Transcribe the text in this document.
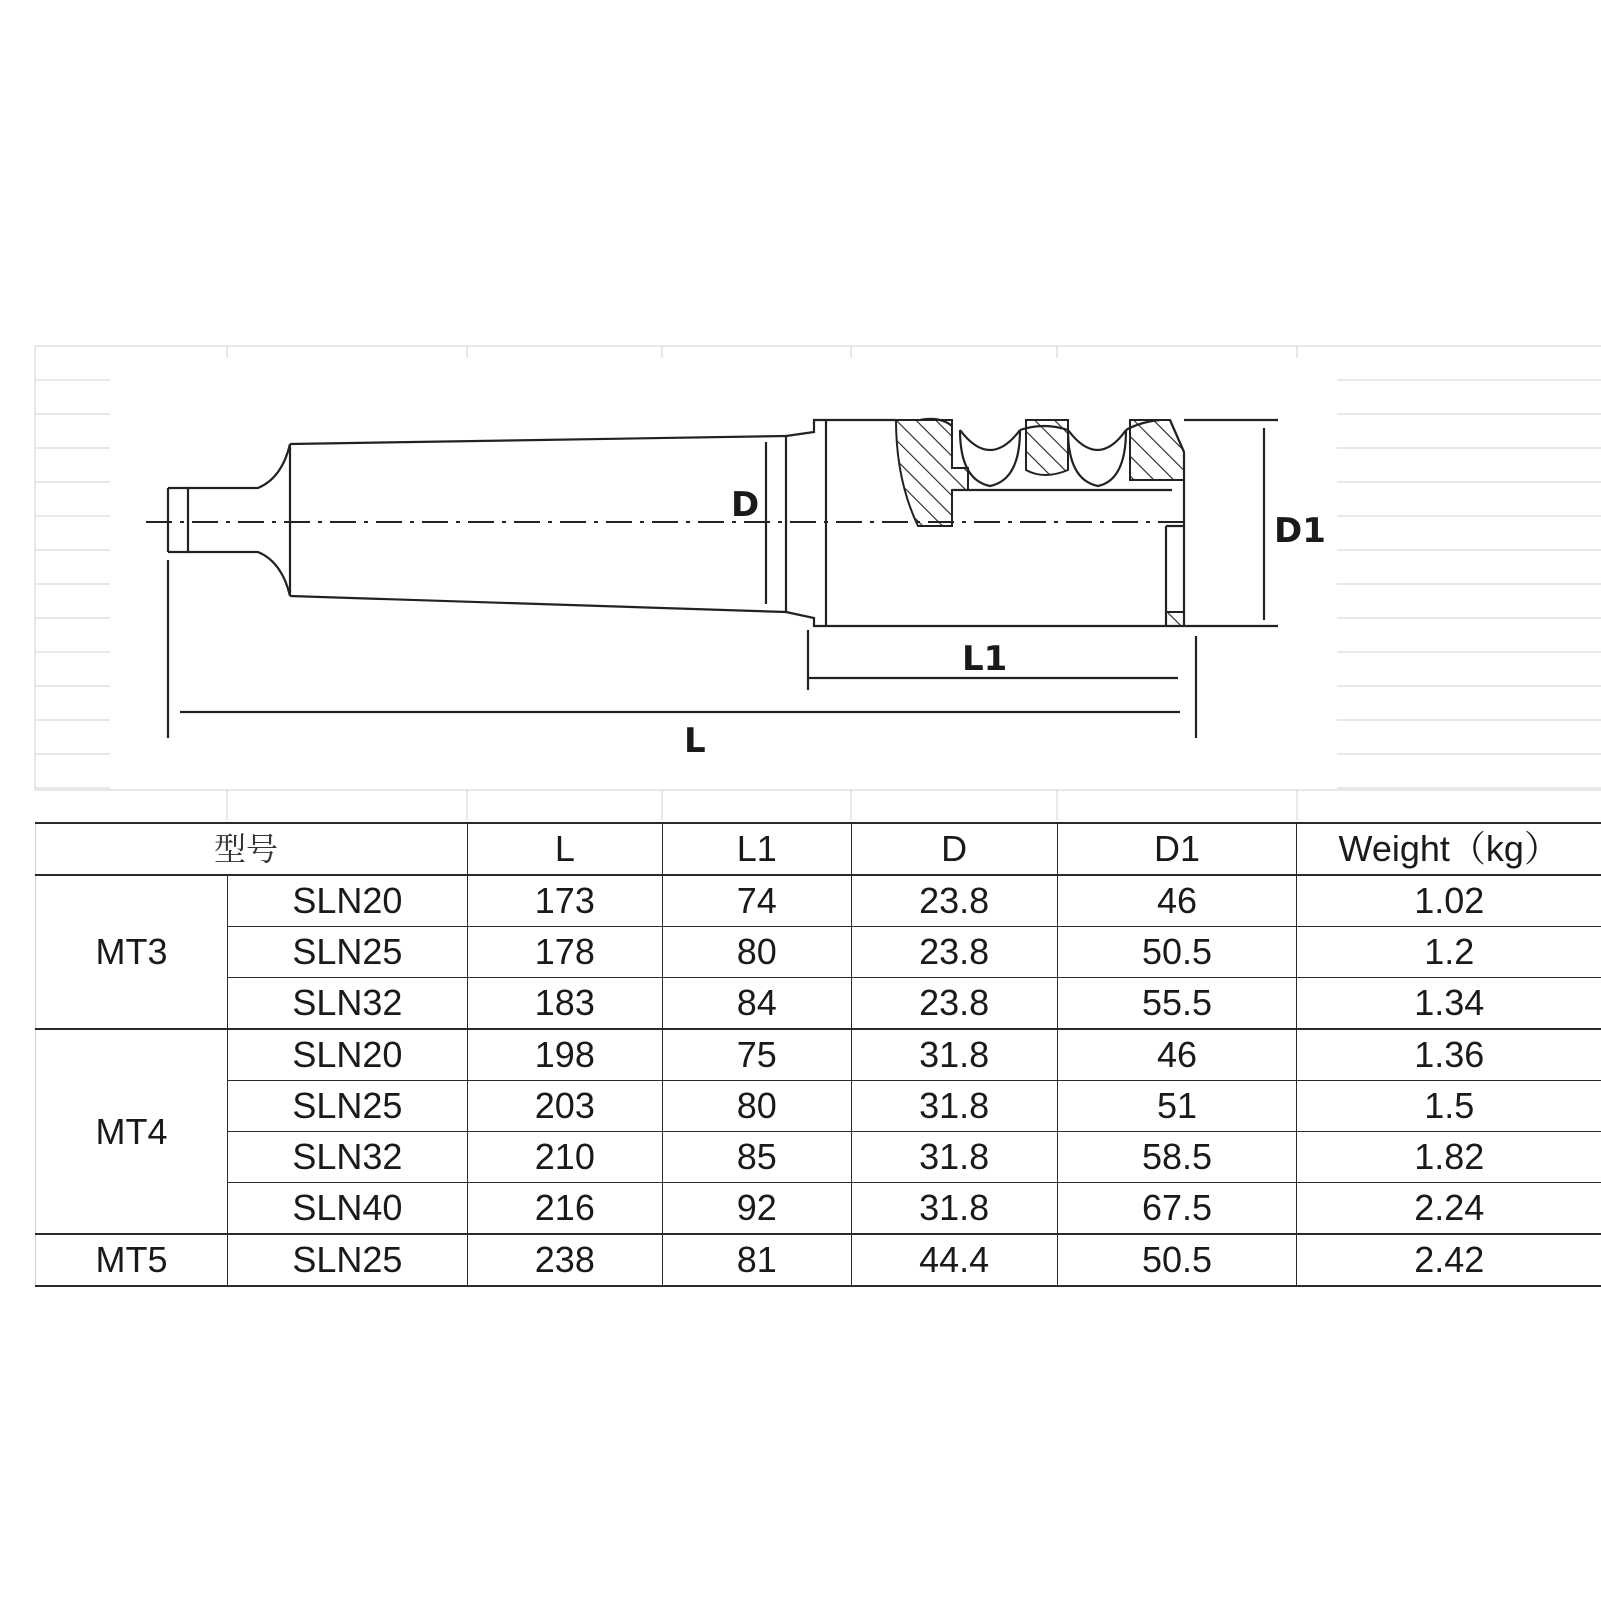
D
D1
L1
L
型号		L	L1	D	D1	Weight（kg）
MT3	SLN20	173	74	23.8	46	1.02
	SLN25	178	80	23.8	50.5	1.2
	SLN32	183	84	23.8	55.5	1.34
MT4	SLN20	198	75	31.8	46	1.36
	SLN25	203	80	31.8	51	1.5
	SLN32	210	85	31.8	58.5	1.82
	SLN40	216	92	31.8	67.5	2.24
MT5	SLN25	238	81	44.4	50.5	2.42
